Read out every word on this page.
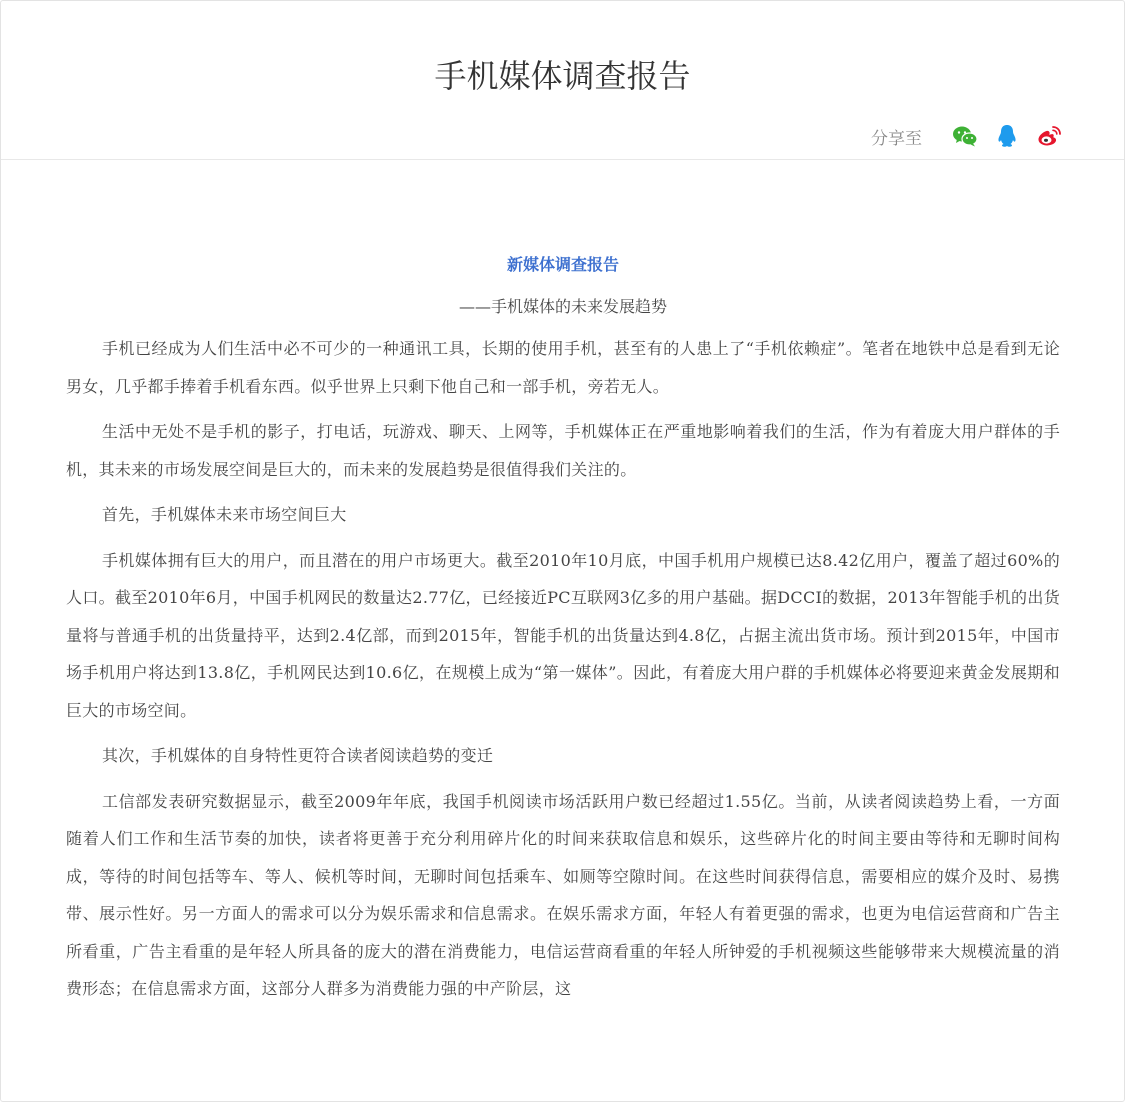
手机媒体调查报告
分享至
新媒体调查报告

——手机媒体的未来发展趋势

手机已经成为人们生活中必不可少的一种通讯工具，长期的使用手机，甚至有的人患上了“手机依赖症”。笔者在地铁中总是看到无论男女，几乎都手捧着手机看东西。似乎世界上只剩下他自己和一部手机，旁若无人。

生活中无处不是手机的影子，打电话，玩游戏、聊天、上网等，手机媒体正在严重地影响着我们的生活，作为有着庞大用户群体的手机，其未来的市场发展空间是巨大的，而未来的发展趋势是很值得我们关注的。

首先，手机媒体未来市场空间巨大

手机媒体拥有巨大的用户，而且潜在的用户市场更大。截至2010年10月底，中国手机用户规模已达8.42亿用户，覆盖了超过60%的人口。截至2010年6月，中国手机网民的数量达2.77亿，已经接近PC互联网3亿多的用户基础。据DCCI的数据，2013年智能手机的出货量将与普通手机的出货量持平，达到2.4亿部，而到2015年，智能手机的出货量达到4.8亿，占据主流出货市场。预计到2015年，中国市场手机用户将达到13.8亿，手机网民达到10.6亿，在规模上成为“第一媒体”。因此，有着庞大用户群的手机媒体必将要迎来黄金发展期和巨大的市场空间。

其次，手机媒体的自身特性更符合读者阅读趋势的变迁

工信部发表研究数据显示，截至2009年年底，我国手机阅读市场活跃用户数已经超过1.55亿。当前，从读者阅读趋势上看，一方面随着人们工作和生活节奏的加快，读者将更善于充分利用碎片化的时间来获取信息和娱乐，这些碎片化的时间主要由等待和无聊时间构成，等待的时间包括等车、等人、候机等时间，无聊时间包括乘车、如厕等空隙时间。在这些时间获得信息，需要相应的媒介及时、易携带、展示性好。另一方面人的需求可以分为娱乐需求和信息需求。在娱乐需求方面，年轻人有着更强的需求，也更为电信运营商和广告主所看重，广告主看重的是年轻人所具备的庞大的潜在消费能力，电信运营商看重的年轻人所钟爱的手机视频这些能够带来大规模流量的消费形态；在信息需求方面，这部分人群多为消费能力强的中产阶层，这
